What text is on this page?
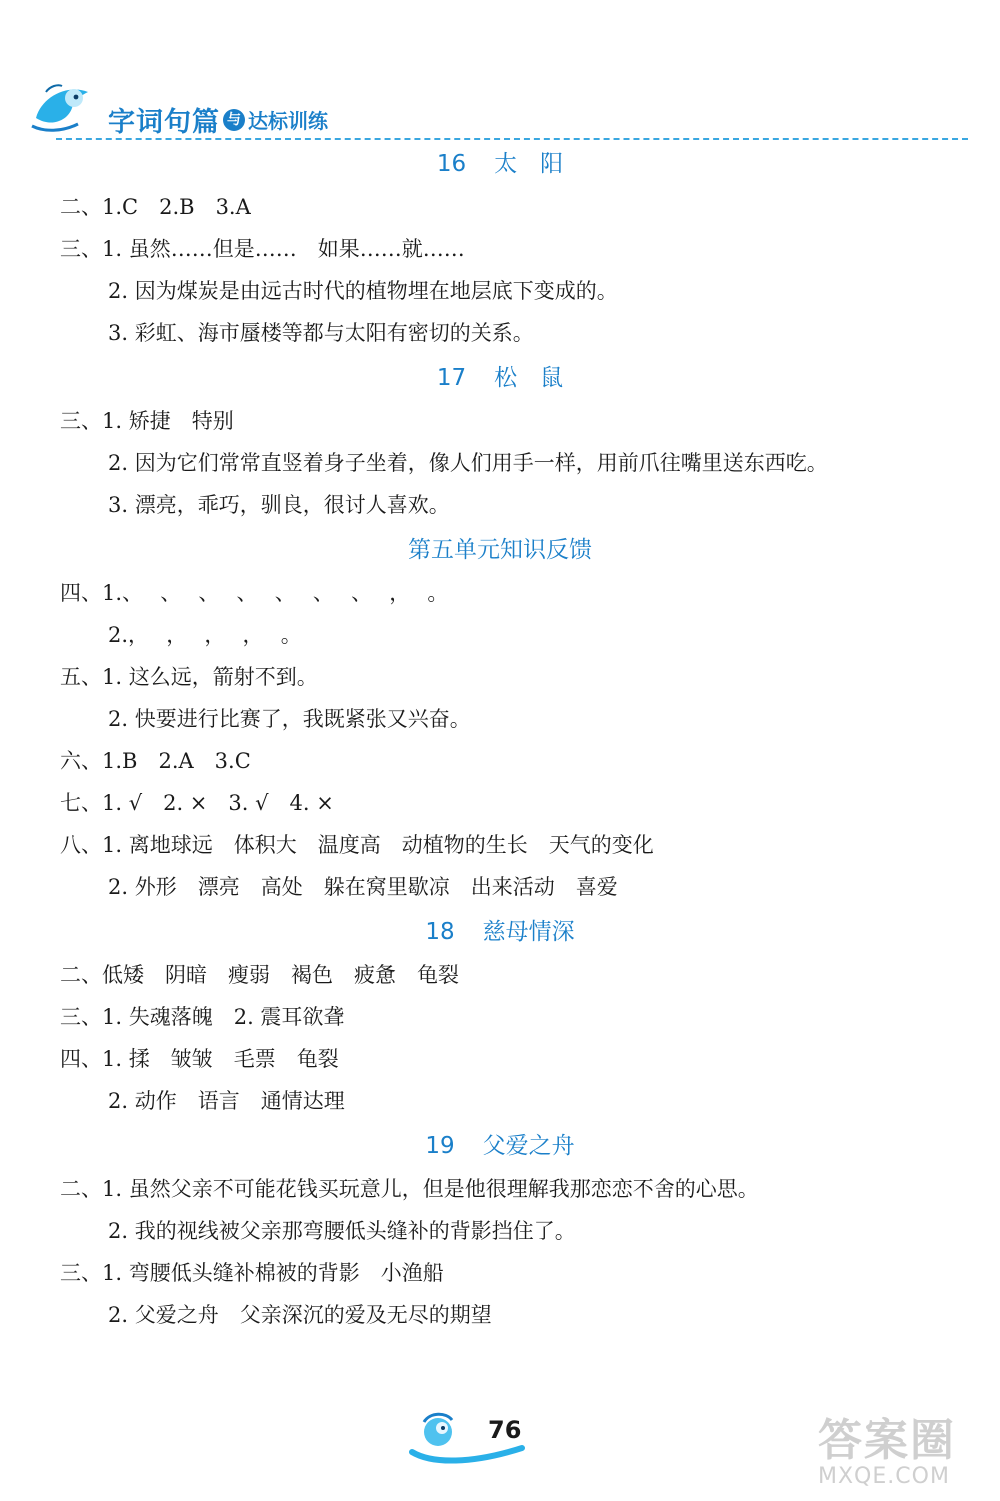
字词句篇 与 达标训练
16 太　阳
二、1.C　2.B　3.A
三、1. 虽然……但是……　如果……就……
2. 因为煤炭是由远古时代的植物埋在地层底下变成的。
3. 彩虹、海市蜃楼等都与太阳有密切的关系。
17 松　鼠
三、1. 矫捷　特别
2. 因为它们常常直竖着身子坐着，像人们用手一样，用前爪往嘴里送东西吃。
3. 漂亮，乖巧，驯良，很讨人喜欢。
第五单元知识反馈
四、1.、　 、　 、　 、　 、　 、　 、　 ，　 。
2.，　 ，　 ，　 ，　 。
五、1. 这么远，箭射不到。
2. 快要进行比赛了，我既紧张又兴奋。
六、1.B　2.A　3.C
七、1. √　2. ×　3. √　4. ×
八、1. 离地球远　体积大　温度高　动植物的生长　天气的变化
2. 外形　漂亮　高处　躲在窝里歇凉　出来活动　喜爱
18 慈母情深
二、低矮　阴暗　瘦弱　褐色　疲惫　龟裂
三、1. 失魂落魄　2. 震耳欲聋
四、1. 揉　皱皱　毛票　龟裂
2. 动作　语言　通情达理
19 父爱之舟
二、1. 虽然父亲不可能花钱买玩意儿，但是他很理解我那恋恋不舍的心思。
2. 我的视线被父亲那弯腰低头缝补的背影挡住了。
三、1. 弯腰低头缝补棉被的背影　小渔船
2. 父爱之舟　父亲深沉的爱及无尽的期望
76	答案圈
MXQE.COM
